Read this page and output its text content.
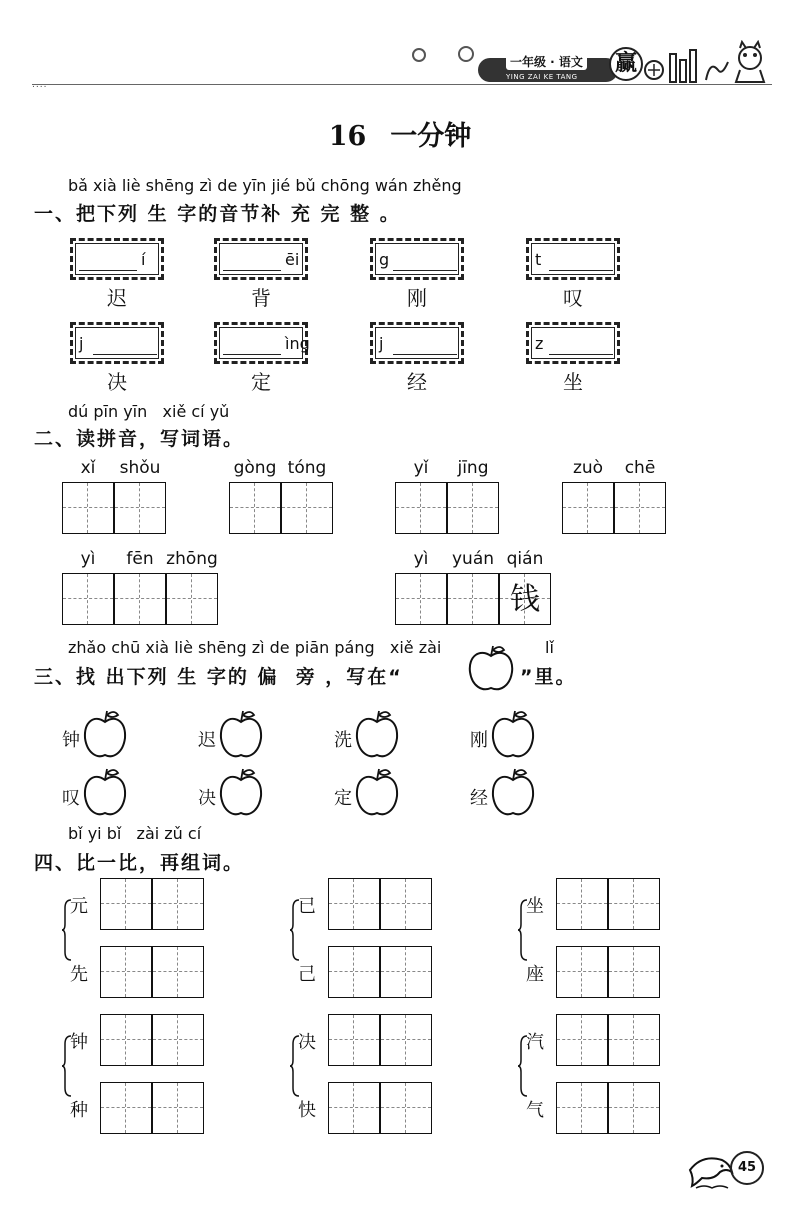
一年级 · 语文
YING ZAI KE TANG
赢
....
16 一分钟
bǎ xià liè shēng zì de yīn jié bǔ chōng wán zhěng
一、把下列 生 字的音节补 充 完 整 。
í
迟
ēi
背
g
刚
t
叹
j
决
ìng
定
j
经
z
坐
dú pīn yīn   xiě cí yǔ
二、读拼音，写词语。
xǐ	shǒu	gòng tóng	yǐ	jīng	zuò	chē
yì	fēn zhōng	yì	yuán qián
钱
zhǎo chū xià liè shēng zì de piān páng   xiě zài	lǐ
三、找 出下列 生 字的 偏  旁 ，写在“	”里。
钟	迟	洗	刚
叹	决	定	经
bǐ yi bǐ   zài zǔ cí
四、比一比，再组词。
元
先
已
己
坐
座
钟
种
决
快
汽
气
45
